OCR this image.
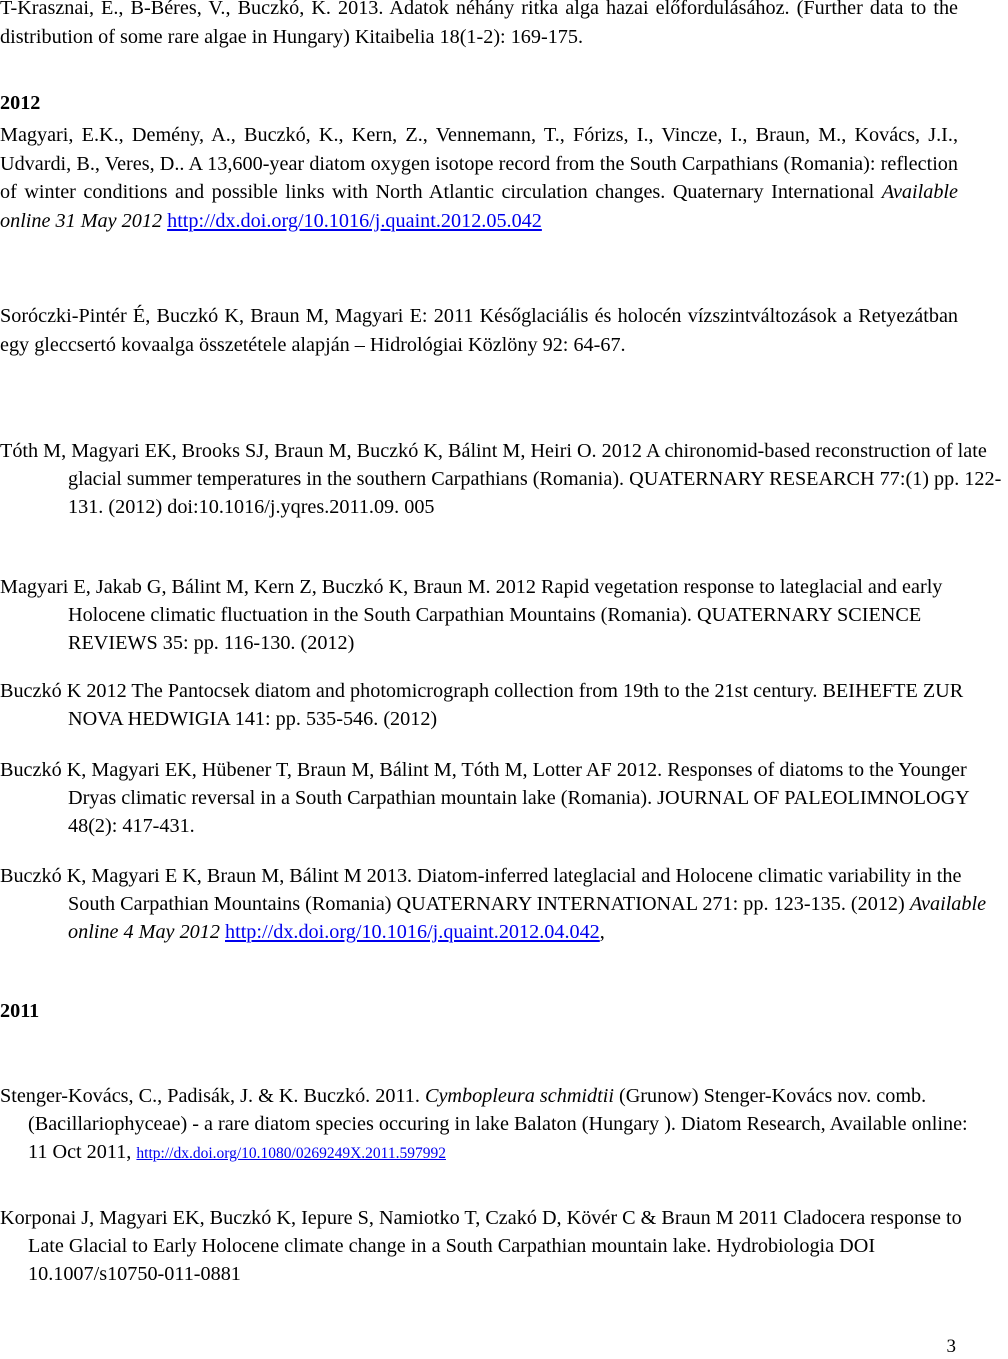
T-Krasznai, E., B-Béres, V., Buczkó, K. 2013. Adatok néhány ritka alga hazai előfordulásához. (Further data to the distribution of some rare algae in Hungary) Kitaibelia 18(1-2): 169-175.

2012

Magyari, E.K., Demény, A., Buczkó, K., Kern, Z., Vennemann, T., Fórizs, I., Vincze, I., Braun, M., Kovács, J.I., Udvardi, B., Veres, D.. A 13,600-year diatom oxygen isotope record from the South Carpathians (Romania): reflection of winter conditions and possible links with North Atlantic circulation changes. Quaternary International Available online 31 May 2012 http://dx.doi.org/10.1016/j.quaint.2012.05.042

Soróczki-Pintér É, Buczkó K, Braun M, Magyari E: 2011 Későglaciális és holocén vízszintváltozások a Retyezátban egy gleccsertó kovaalga összetétele alapján – Hidrológiai Közlöny 92: 64-67.

Tóth M, Magyari EK, Brooks SJ, Braun M, Buczkó K, Bálint M, Heiri O. 2012 A chironomid-based reconstruction of late glacial summer temperatures in the southern Carpathians (Romania). QUATERNARY RESEARCH 77:(1) pp. 122-131. (2012) doi:10.1016/j.yqres.2011.09. 005

Magyari E, Jakab G, Bálint M, Kern Z, Buczkó K, Braun M. 2012 Rapid vegetation response to lateglacial and early Holocene climatic fluctuation in the South Carpathian Mountains (Romania). QUATERNARY SCIENCE REVIEWS 35: pp. 116-130. (2012)

Buczkó K 2012 The Pantocsek diatom and photomicrograph collection from 19th to the 21st century. BEIHEFTE ZUR NOVA HEDWIGIA 141: pp. 535-546. (2012)

Buczkó K, Magyari EK, Hübener T, Braun M, Bálint M, Tóth M, Lotter AF 2012. Responses of diatoms to the Younger Dryas climatic reversal in a South Carpathian mountain lake (Romania). JOURNAL OF PALEOLIMNOLOGY 48(2): 417-431.

Buczkó K, Magyari E K, Braun M, Bálint M 2013. Diatom-inferred lateglacial and Holocene climatic variability in the South Carpathian Mountains (Romania) QUATERNARY INTERNATIONAL 271: pp. 123-135. (2012) Available online 4 May 2012 http://dx.doi.org/10.1016/j.quaint.2012.04.042,

2011

Stenger-Kovács, C., Padisák, J. & K. Buczkó. 2011. Cymbopleura schmidtii (Grunow) Stenger-Kovács nov. comb. (Bacillariophyceae) - a rare diatom species occuring in lake Balaton (Hungary ). Diatom Research, Available online: 11 Oct 2011, http://dx.doi.org/10.1080/0269249X.2011.597992

Korponai J, Magyari EK, Buczkó K, Iepure S, Namiotko T, Czakó D, Kövér C & Braun M 2011 Cladocera response to Late Glacial to Early Holocene climate change in a South Carpathian mountain lake. Hydrobiologia DOI 10.1007/s10750-011-0881

3
